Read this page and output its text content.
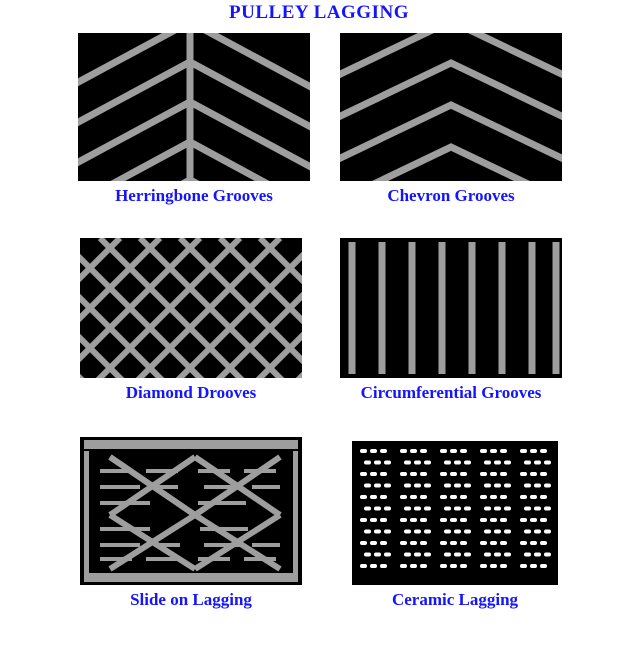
PULLEY LAGGING
Herringbone Grooves	Chevron Grooves
Diamond Drooves	Circumferential Grooves
Slide on Lagging	Ceramic Lagging
